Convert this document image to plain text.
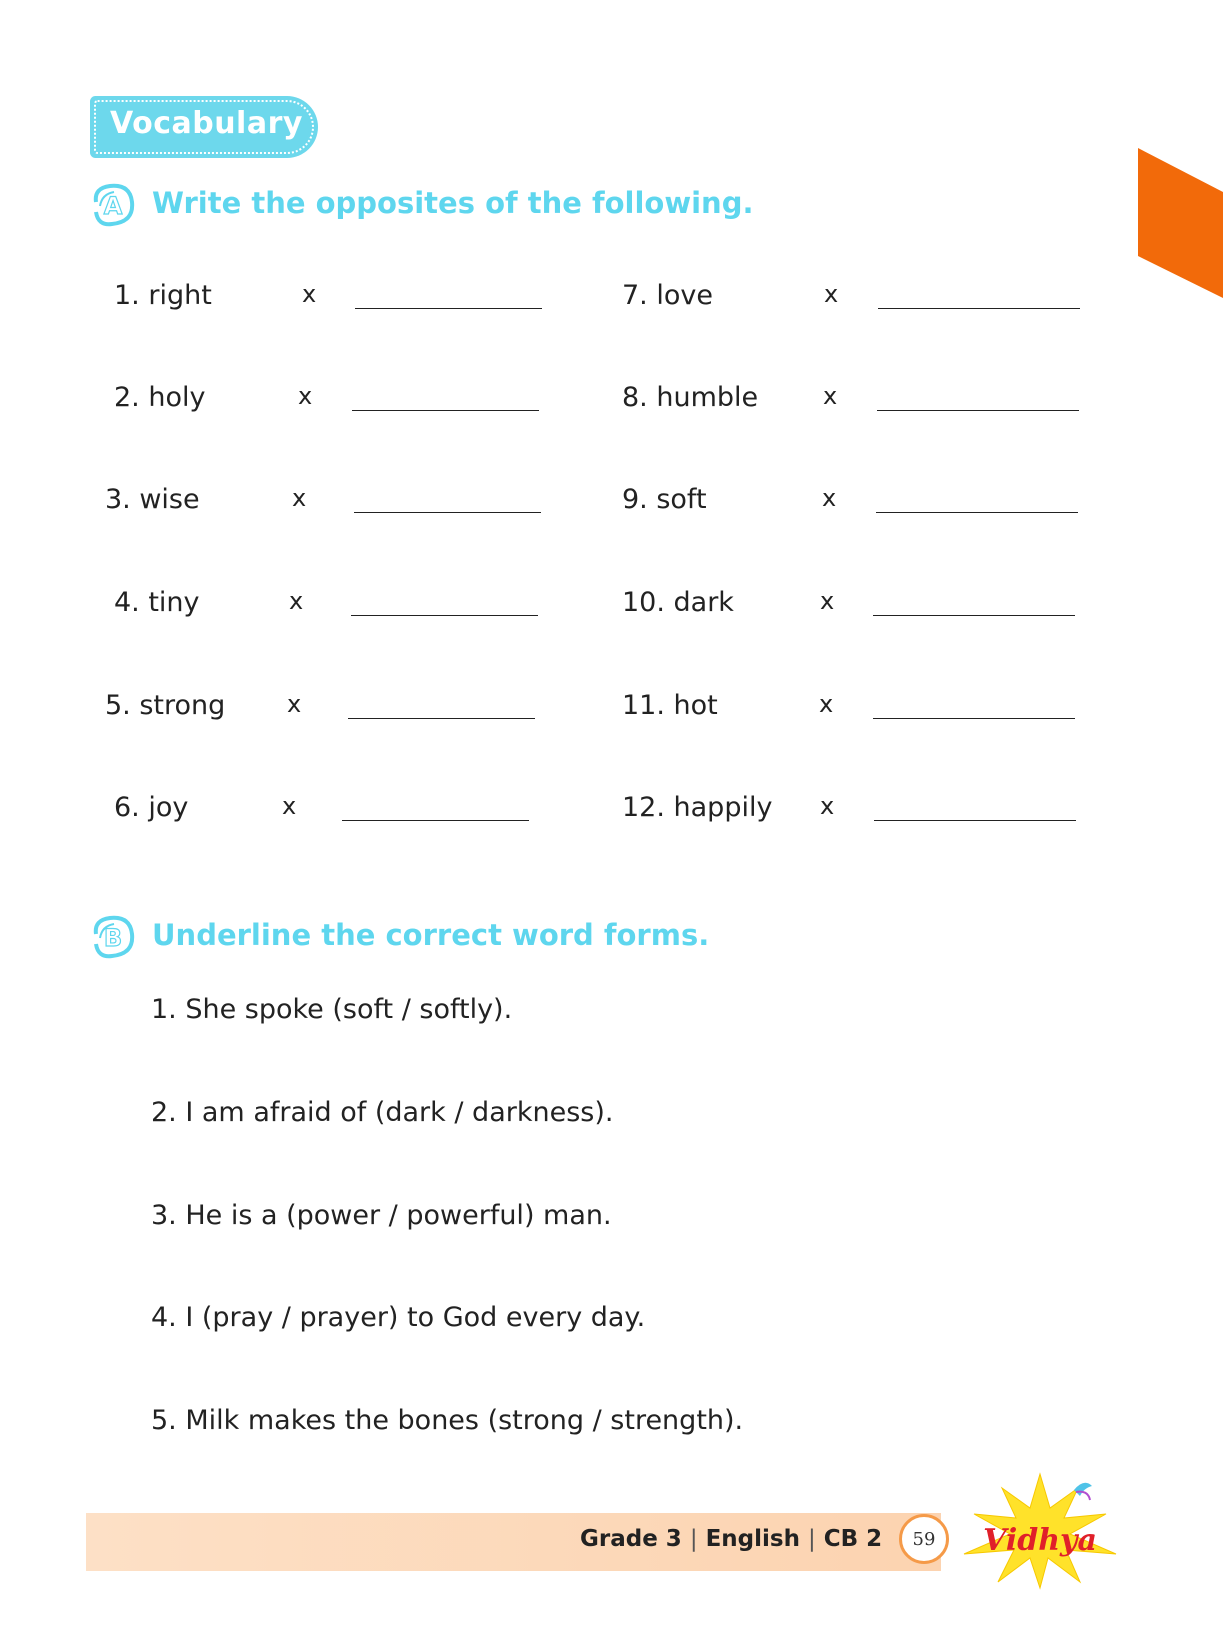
Vocabulary
A Write the opposites of the following.
1. right	x
2. holy	x
3. wise	x
4. tiny	x
5. strong	x
6. joy	x
7. love	x
8. humble	x
9. soft	x
10. dark	x
11. hot	x
12. happily x
B Underline the correct word forms.
1. She spoke (soft / softly).
2. I am afraid of (dark / darkness).
3. He is a (power / powerful) man.
4. I (pray / prayer) to God every day.
5. Milk makes the bones (strong / strength).
Grade 3 | English | CB 2	59	Vidhya
